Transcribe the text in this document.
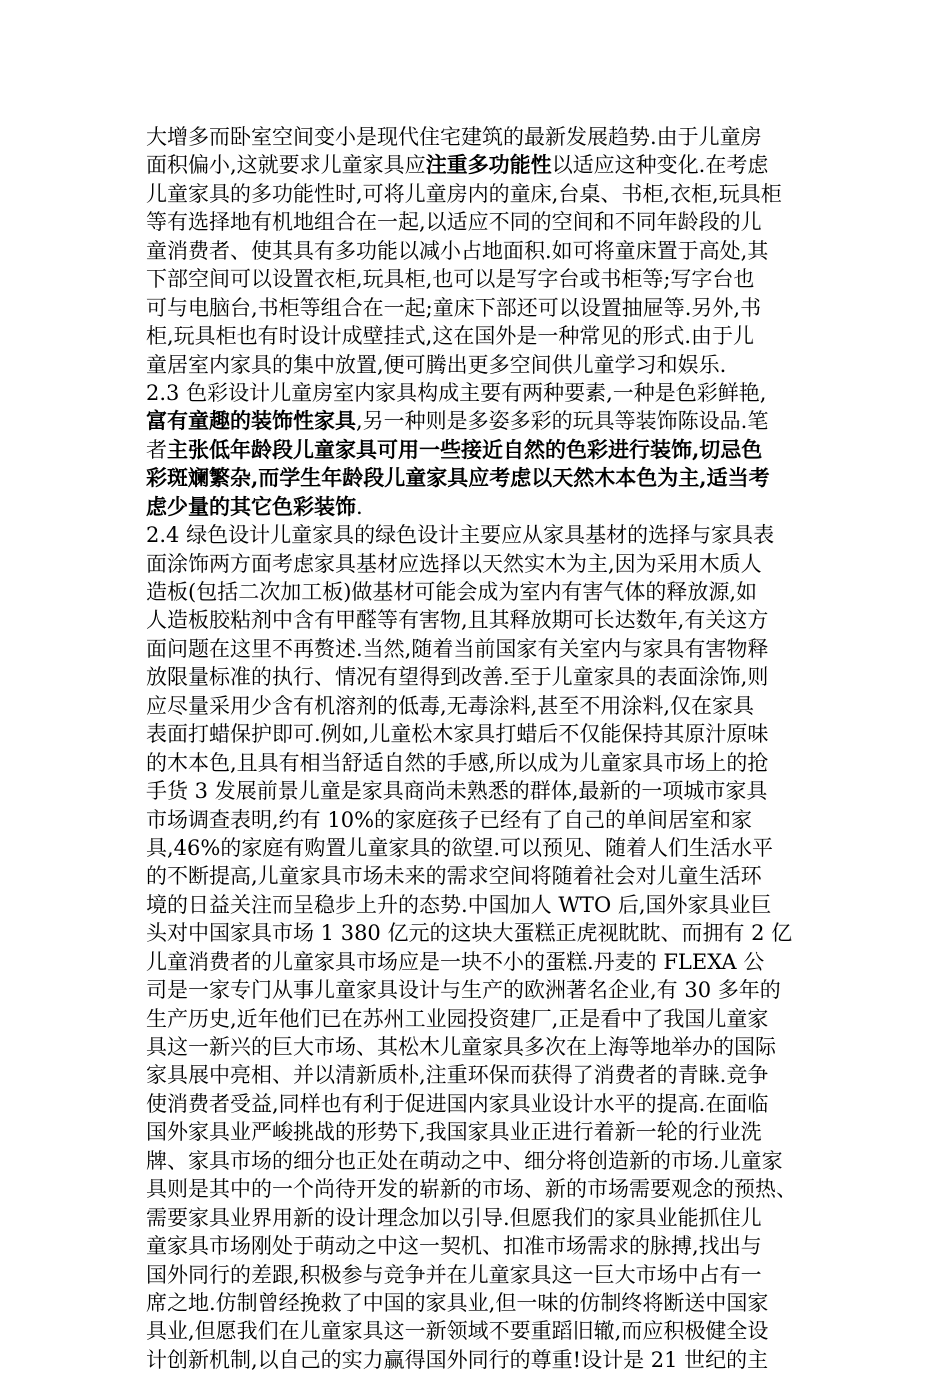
大增多而卧室空间变小是现代住宅建筑的最新发展趋势.由于儿童房
面积偏小,这就要求儿童家具应注重多功能性以适应这种变化.在考虑
儿童家具的多功能性时,可将儿童房内的童床,台桌、书柜,衣柜,玩具柜
等有选择地有机地组合在一起,以适应不同的空间和不同年龄段的儿
童消费者、使其具有多功能以减小占地面积.如可将童床置于高处,其
下部空间可以设置衣柜,玩具柜,也可以是写字台或书柜等;写字台也
可与电脑台,书柜等组合在一起;童床下部还可以设置抽屉等.另外,书
柜,玩具柜也有时设计成壁挂式,这在国外是一种常见的形式.由于儿
童居室内家具的集中放置,便可腾出更多空间供儿童学习和娱乐.
2.3 色彩设计儿童房室内家具构成主要有两种要素,一种是色彩鲜艳,
富有童趣的装饰性家具,另一种则是多姿多彩的玩具等装饰陈设品.笔
者主张低年龄段儿童家具可用一些接近自然的色彩进行装饰,切忌色
彩斑斓繁杂,而学生年龄段儿童家具应考虑以天然木本色为主,适当考
虑少量的其它色彩装饰.
2.4 绿色设计儿童家具的绿色设计主要应从家具基材的选择与家具表
面涂饰两方面考虑家具基材应选择以天然实木为主,因为采用木质人
造板(包括二次加工板)做基材可能会成为室内有害气体的释放源,如
人造板胶粘剂中含有甲醛等有害物,且其释放期可长达数年,有关这方
面问题在这里不再赘述.当然,随着当前国家有关室内与家具有害物释
放限量标准的执行、情况有望得到改善.至于儿童家具的表面涂饰,则
应尽量采用少含有机溶剂的低毒,无毒涂料,甚至不用涂料,仅在家具
表面打蜡保护即可.例如,儿童松木家具打蜡后不仅能保持其原汁原味
的木本色,且具有相当舒适自然的手感,所以成为儿童家具市场上的抢
手货 3 发展前景儿童是家具商尚未熟悉的群体,最新的一项城市家具
市场调查表明,约有 10%的家庭孩子已经有了自己的单间居室和家
具,46%的家庭有购置儿童家具的欲望.可以预见、随着人们生活水平
的不断提高,儿童家具市场未来的需求空间将随着社会对儿童生活环
境的日益关注而呈稳步上升的态势.中国加人 WTO 后,国外家具业巨
头对中国家具市场 1 380 亿元的这块大蛋糕正虎视眈眈、而拥有 2 亿
儿童消费者的儿童家具市场应是一块不小的蛋糕.丹麦的 FLEXA 公
司是一家专门从事儿童家具设计与生产的欧洲著名企业,有 30 多年的
生产历史,近年他们已在苏州工业园投资建厂,正是看中了我国儿童家
具这一新兴的巨大市场、其松木儿童家具多次在上海等地举办的国际
家具展中亮相、并以清新质朴,注重环保而获得了消费者的青睐.竞争
使消费者受益,同样也有利于促进国内家具业设计水平的提高.在面临
国外家具业严峻挑战的形势下,我国家具业正进行着新一轮的行业洗
牌、家具市场的细分也正处在萌动之中、细分将创造新的市场.儿童家
具则是其中的一个尚待开发的崭新的市场、新的市场需要观念的预热、
需要家具业界用新的设计理念加以引导.但愿我们的家具业能抓住儿
童家具市场刚处于萌动之中这一契机、扣准市场需求的脉搏,找出与
国外同行的差跟,积极参与竞争并在儿童家具这一巨大市场中占有一
席之地.仿制曾经挽救了中国的家具业,但一味的仿制终将断送中国家
具业,但愿我们在儿童家具这一新领域不要重蹈旧辙,而应积极健全设
计创新机制,以自己的实力赢得国外同行的尊重!设计是 21 世纪的主
